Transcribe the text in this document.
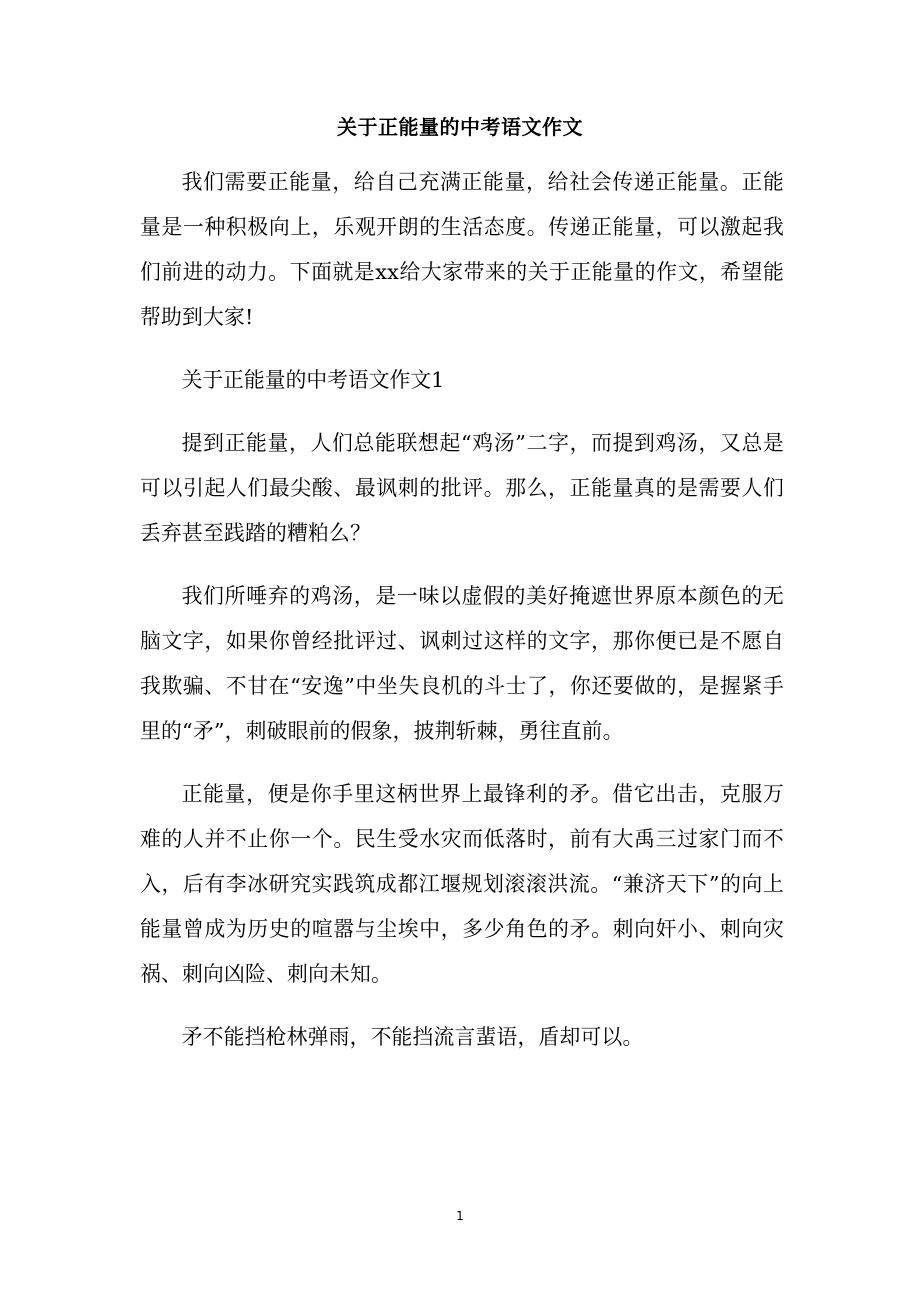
关于正能量的中考语文作文

我们需要正能量，给自己充满正能量，给社会传递正能量。正能量是一种积极向上，乐观开朗的生活态度。传递正能量，可以激起我们前进的动力。下面就是xx给大家带来的关于正能量的作文，希望能帮助到大家!

关于正能量的中考语文作文1

提到正能量，人们总能联想起“鸡汤”二字，而提到鸡汤，又总是可以引起人们最尖酸、最讽刺的批评。那么，正能量真的是需要人们丢弃甚至践踏的糟粕么？

我们所唾弃的鸡汤，是一味以虚假的美好掩遮世界原本颜色的无脑文字，如果你曾经批评过、讽刺过这样的文字，那你便已是不愿自我欺骗、不甘在“安逸”中坐失良机的斗士了，你还要做的，是握紧手里的“矛”，刺破眼前的假象，披荆斩棘，勇往直前。

正能量，便是你手里这柄世界上最锋利的矛。借它出击，克服万难的人并不止你一个。民生受水灾而低落时，前有大禹三过家门而不入，后有李冰研究实践筑成都江堰规划滚滚洪流。“兼济天下”的向上能量曾成为历史的喧嚣与尘埃中，多少角色的矛。刺向奸小、刺向灾祸、刺向凶险、刺向未知。

矛不能挡枪林弹雨，不能挡流言蜚语，盾却可以。

1
